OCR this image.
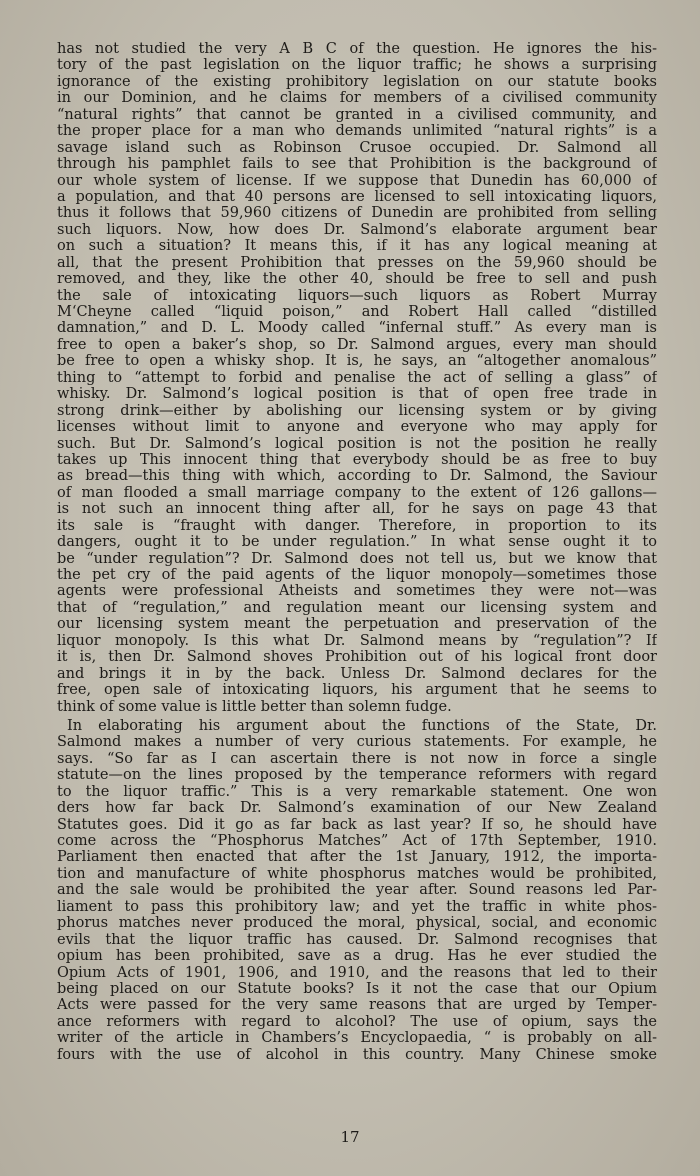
has not studied the very A B C of the question. He ignores the his-
tory of the past legislation on the liquor traffic; he shows a surprising
ignorance of the existing prohibitory legislation on our statute books
in our Dominion, and he claims for members of a civilised community
“natural rights” that cannot be granted in a civilised community, and
the proper place for a man who demands unlimited “natural rights” is a
savage island such as Robinson Crusoe occupied. Dr. Salmond all
through his pamphlet fails to see that Prohibition is the background of
our whole system of license. If we suppose that Dunedin has 60,000 of
a population, and that 40 persons are licensed to sell intoxicating liquors,
thus it follows that 59,960 citizens of Dunedin are prohibited from selling
such liquors. Now, how does Dr. Salmond’s elaborate argument bear
on such a situation? It means this, if it has any logical meaning at
all, that the present Prohibition that presses on the 59,960 should be
removed, and they, like the other 40, should be free to sell and push
the sale of intoxicating liquors—such liquors as Robert Murray
M‘Cheyne called “liquid poison,” and Robert Hall called “distilled
damnation,” and D. L. Moody called “infernal stuff.” As every man is
free to open a baker’s shop, so Dr. Salmond argues, every man should
be free to open a whisky shop. It is, he says, an “altogether anomalous”
thing to “attempt to forbid and penalise the act of selling a glass” of
whisky. Dr. Salmond’s logical position is that of open free trade in
strong drink—either by abolishing our licensing system or by giving
licenses without limit to anyone and everyone who may apply for
such. But Dr. Salmond’s logical position is not the position he really
takes up This innocent thing that everybody should be as free to buy
as bread—this thing with which, according to Dr. Salmond, the Saviour
of man flooded a small marriage company to the extent of 126 gallons—
is not such an innocent thing after all, for he says on page 43 that
its sale is “fraught with danger. Therefore, in proportion to its
dangers, ought it to be under regulation.” In what sense ought it to
be “under regulation”? Dr. Salmond does not tell us, but we know that
the pet cry of the paid agents of the liquor monopoly—sometimes those
agents were professional Atheists and sometimes they were not—was
that of “regulation,” and regulation meant our licensing system and
our licensing system meant the perpetuation and preservation of the
liquor monopoly. Is this what Dr. Salmond means by “regulation”? If
it is, then Dr. Salmond shoves Prohibition out of his logical front door
and brings it in by the back. Unless Dr. Salmond declares for the
free, open sale of intoxicating liquors, his argument that he seems to
think of some value is little better than solemn fudge.
In elaborating his argument about the functions of the State, Dr.
Salmond makes a number of very curious statements. For example, he
says. “So far as I can ascertain there is not now in force a single
statute—on the lines proposed by the temperance reformers with regard
to the liquor traffic.” This is a very remarkable statement. One won
ders how far back Dr. Salmond’s examination of our New Zealand
Statutes goes. Did it go as far back as last year? If so, he should have
come across the “Phosphorus Matches” Act of 17th September, 1910.
Parliament then enacted that after the 1st January, 1912, the importa-
tion and manufacture of white phosphorus matches would be prohibited,
and the sale would be prohibited the year after. Sound reasons led Par-
liament to pass this prohibitory law; and yet the traffic in white phos-
phorus matches never produced the moral, physical, social, and economic
evils that the liquor traffic has caused. Dr. Salmond recognises that
opium has been prohibited, save as a drug. Has he ever studied the
Opium Acts of 1901, 1906, and 1910, and the reasons that led to their
being placed on our Statute books? Is it not the case that our Opium
Acts were passed for the very same reasons that are urged by Temper-
ance reformers with regard to alcohol? The use of opium, says the
writer of the article in Chambers’s Encyclopaedia, “ is probably on all-
fours with the use of alcohol in this country. Many Chinese smoke
17
